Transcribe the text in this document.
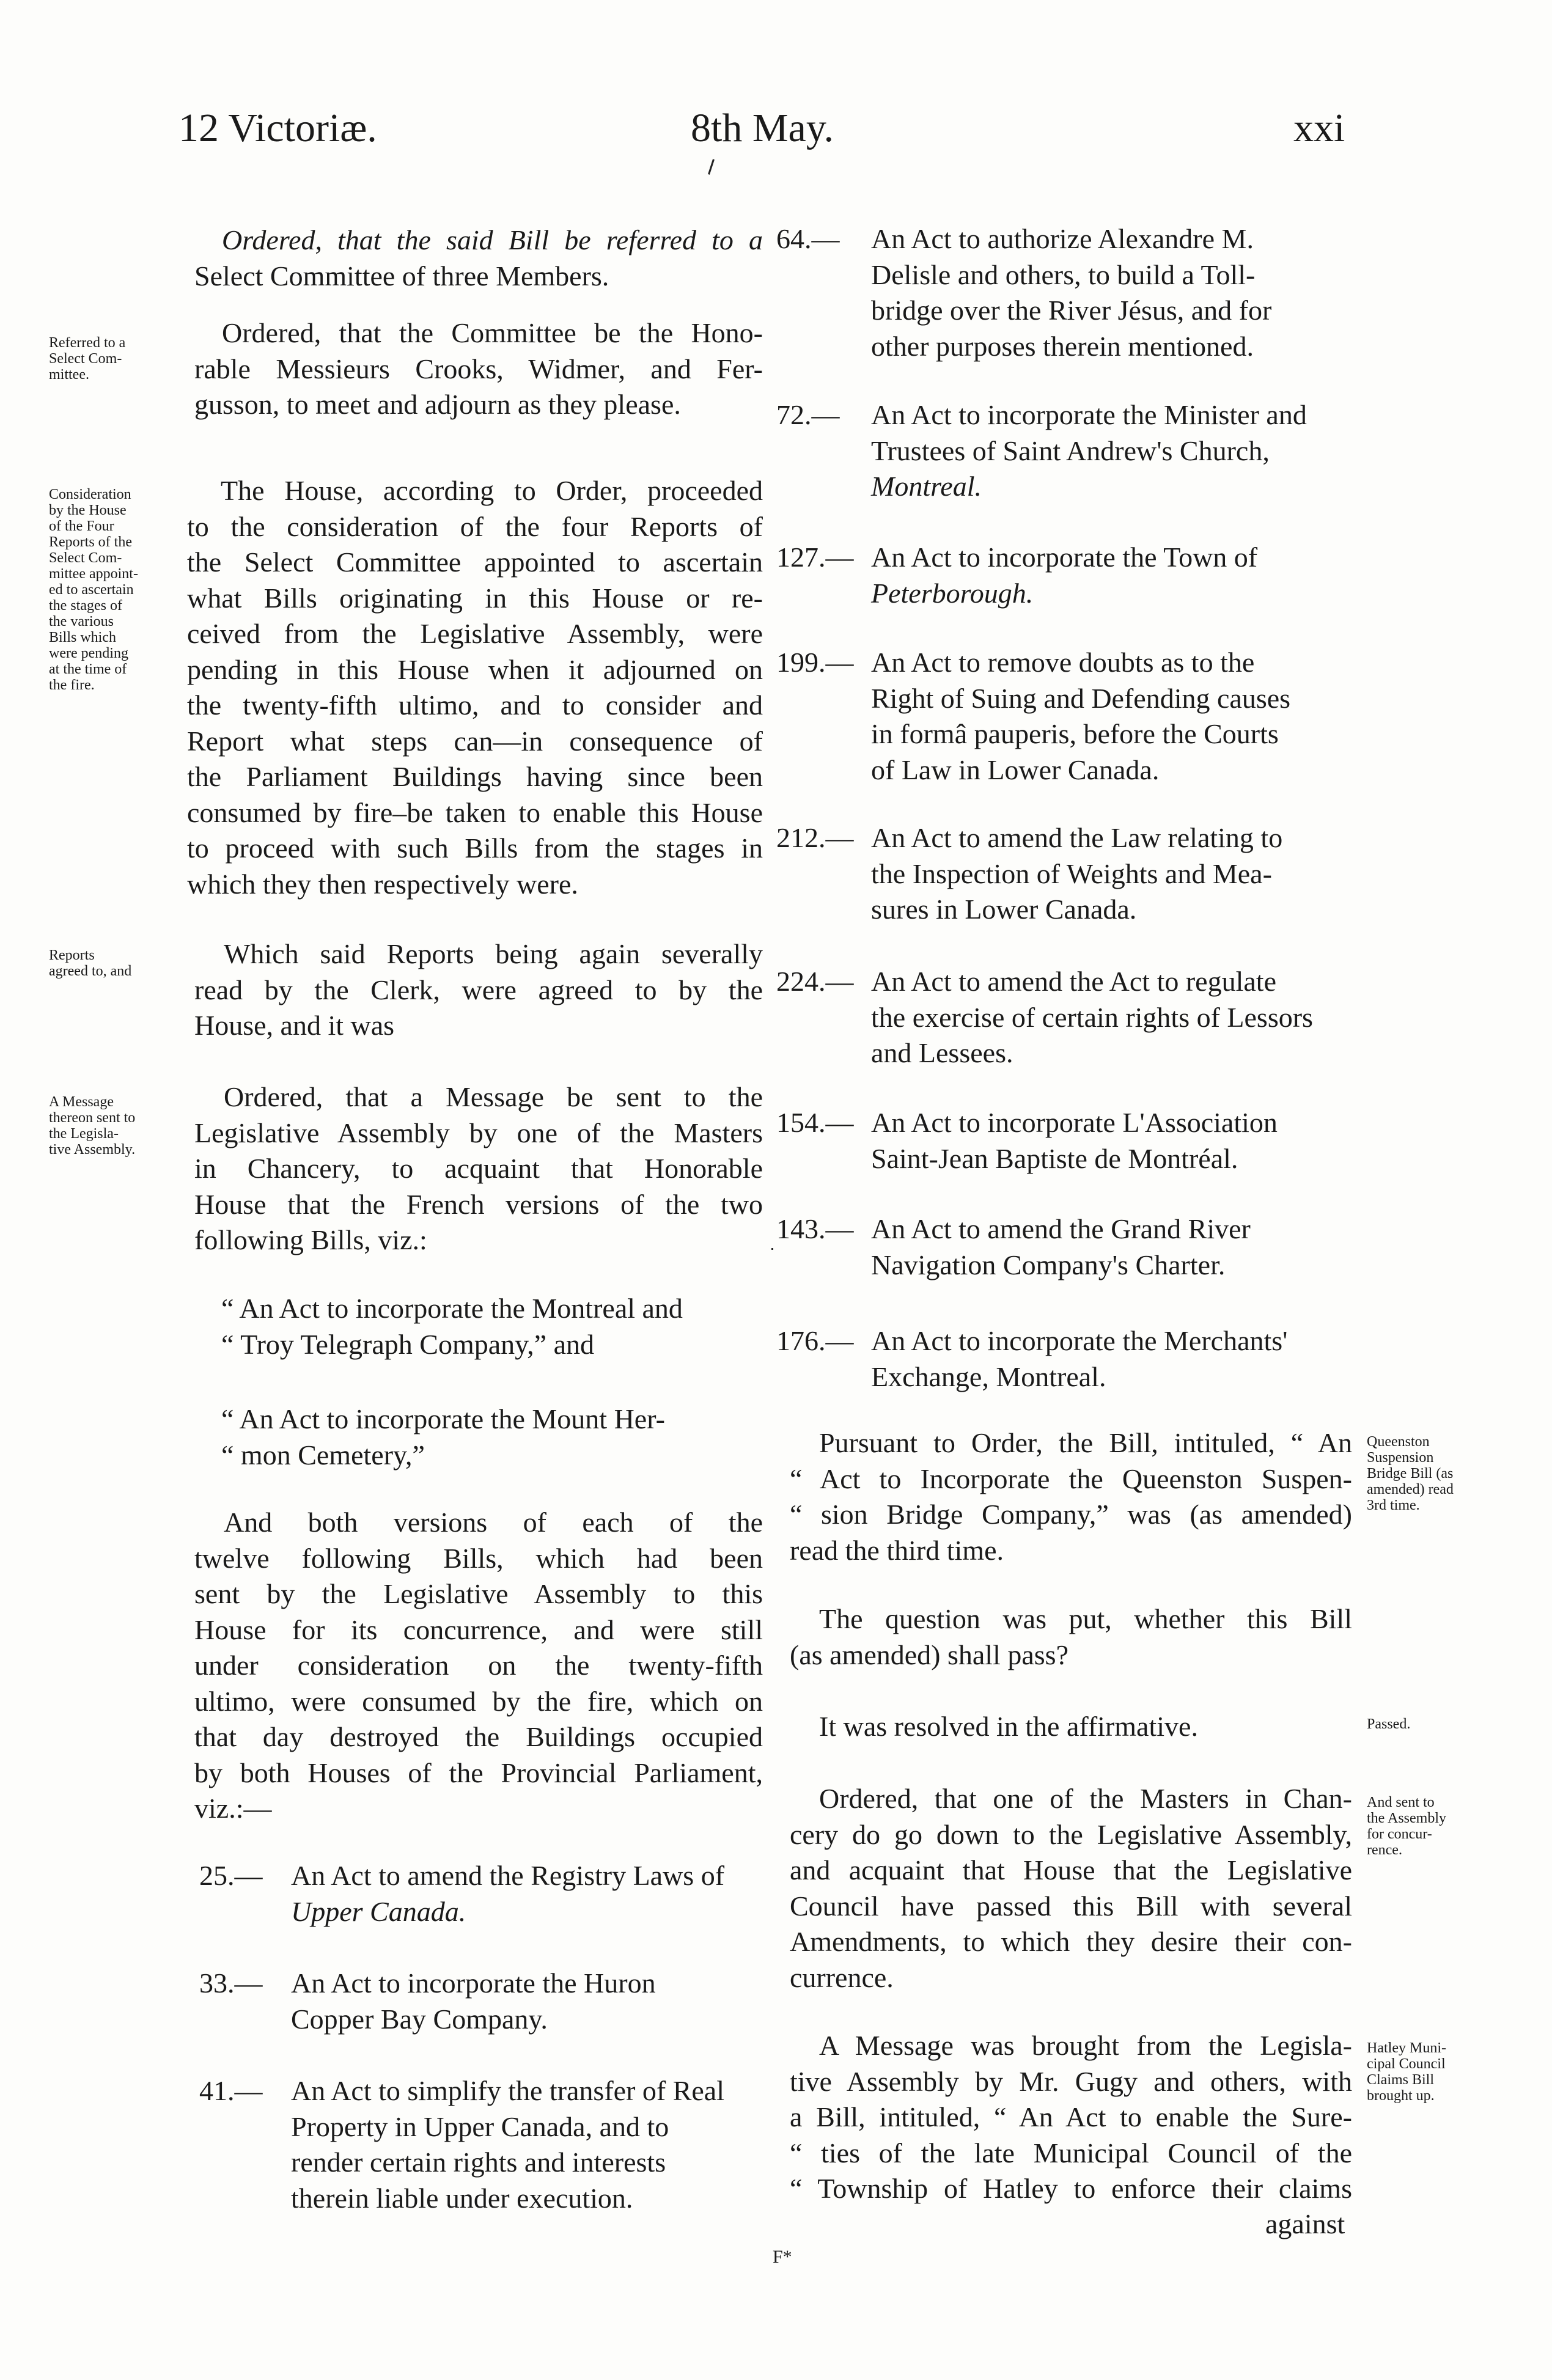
12 Victoriæ.	8th May.	xxi
Ordered, that the said Bill be referred to a
Select Committee of three Members.
Ordered, that the Committee be the Hono-
rable Messieurs Crooks, Widmer, and Fer-
gusson, to meet and adjourn as they please.
The House, according to Order, proceeded
to the consideration of the four Reports of
the Select Committee appointed to ascertain
what Bills originating in this House or re-
ceived from the Legislative Assembly, were
pending in this House when it adjourned on
the twenty-fifth ultimo, and to consider and
Report what steps can—in consequence of
the Parliament Buildings having since been
consumed by fire–be taken to enable this House
to proceed with such Bills from the stages in
which they then respectively were.
Which said Reports being again severally
read by the Clerk, were agreed to by the
House, and it was
Ordered, that a Message be sent to the
Legislative Assembly by one of the Masters
in Chancery, to acquaint that Honorable
House that the French versions of the two
following Bills, viz.:
“ An Act to incorporate the Montreal and
“ Troy Telegraph Company,” and
“ An Act to incorporate the Mount Her-
“ mon Cemetery,”
And both versions of each of the
twelve following Bills, which had been
sent by the Legislative Assembly to this
House for its concurrence, and were still
under consideration on the twenty-fifth
ultimo, were consumed by the fire, which on
that day destroyed the Buildings occupied
by both Houses of the Provincial Parliament,
viz.:—
25.— An Act to amend the Registry Laws of
Upper Canada.
33.— An Act to incorporate the Huron
Copper Bay Company.
41.— An Act to simplify the transfer of Real
Property in Upper Canada, and to
render certain rights and interests
therein liable under execution.
64.— An Act to authorize Alexandre M.
Delisle and others, to build a Toll-
bridge over the River Jésus, and for
other purposes therein mentioned.
72.— An Act to incorporate the Minister and
Trustees of Saint Andrew's Church,
Montreal.
127.— An Act to incorporate the Town of
Peterborough.
199.— An Act to remove doubts as to the
Right of Suing and Defending causes
in formâ pauperis, before the Courts
of Law in Lower Canada.
212.— An Act to amend the Law relating to
the Inspection of Weights and Mea-
sures in Lower Canada.
224.— An Act to amend the Act to regulate
the exercise of certain rights of Lessors
and Lessees.
154.— An Act to incorporate L'Association
Saint-Jean Baptiste de Montréal.
143.— An Act to amend the Grand River
Navigation Company's Charter.
176.— An Act to incorporate the Merchants'
Exchange, Montreal.
Pursuant to Order, the Bill, intituled, “ An
“ Act to Incorporate the Queenston Suspen-
“ sion Bridge Company,” was (as amended)
read the third time.
The question was put, whether this Bill
(as amended) shall pass?
It was resolved in the affirmative.
Ordered, that one of the Masters in Chan-
cery do go down to the Legislative Assembly,
and acquaint that House that the Legislative
Council have passed this Bill with several
Amendments, to which they desire their con-
currence.
A Message was brought from the Legisla-
tive Assembly by Mr. Gugy and others, with
a Bill, intituled, “ An Act to enable the Sure-
“ ties of the late Municipal Council of the
“ Township of Hatley to enforce their claims
against
Referred to a
Select Com-
mittee.
Consideration
by the House
of the Four
Reports of the
Select Com-
mittee appoint-
ed to ascertain
the stages of
the various
Bills which
were pending
at the time of
the fire.
Reports
agreed to, and
A Message
thereon sent to
the Legisla-
tive Assembly.
Queenston
Suspension
Bridge Bill (as
amended) read
3rd time.
Passed.
And sent to
the Assembly
for concur-
rence.
Hatley Muni-
cipal Council
Claims Bill
brought up.
F*
